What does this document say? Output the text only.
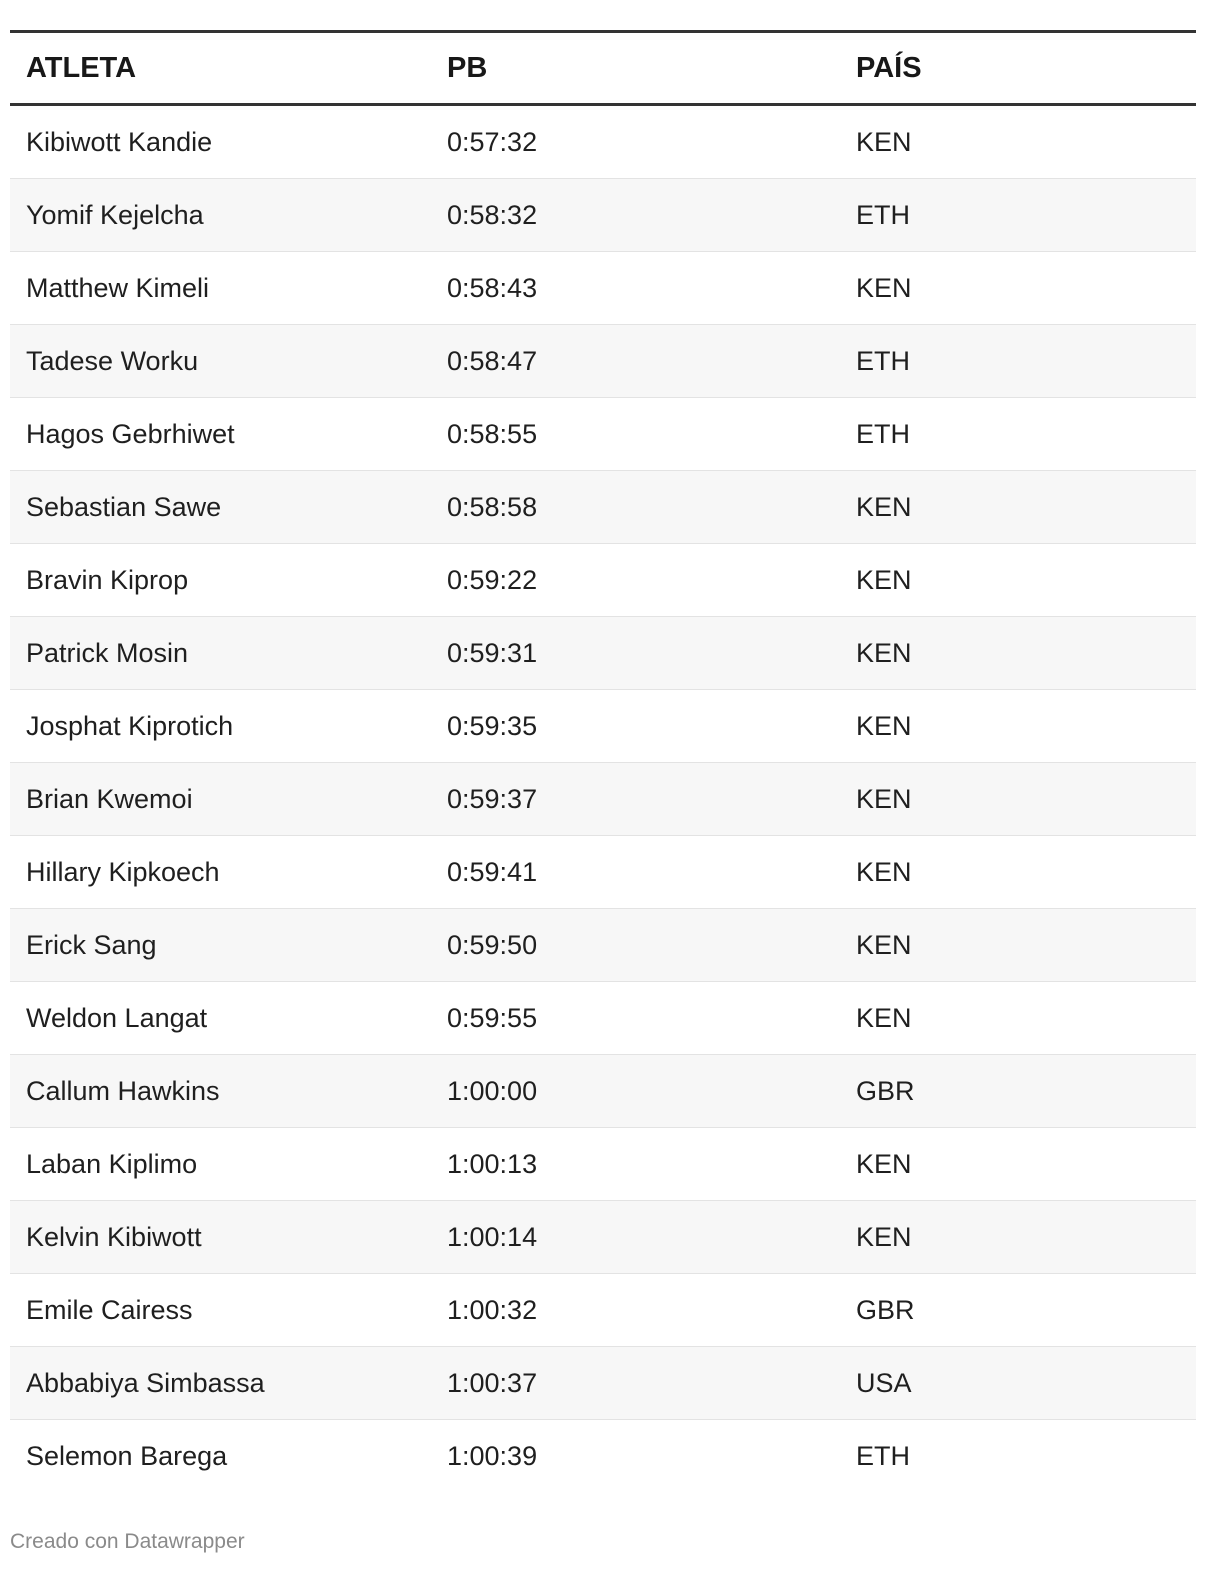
ATLETA	PB	PAÍS
Kibiwott Kandie	0:57:32	KEN
Yomif Kejelcha	0:58:32	ETH
Matthew Kimeli	0:58:43	KEN
Tadese Worku	0:58:47	ETH
Hagos Gebrhiwet	0:58:55	ETH
Sebastian Sawe	0:58:58	KEN
Bravin Kiprop	0:59:22	KEN
Patrick Mosin	0:59:31	KEN
Josphat Kiprotich	0:59:35	KEN
Brian Kwemoi	0:59:37	KEN
Hillary Kipkoech	0:59:41	KEN
Erick Sang	0:59:50	KEN
Weldon Langat	0:59:55	KEN
Callum Hawkins	1:00:00	GBR
Laban Kiplimo	1:00:13	KEN
Kelvin Kibiwott	1:00:14	KEN
Emile Cairess	1:00:32	GBR
Abbabiya Simbassa	1:00:37	USA
Selemon Barega	1:00:39	ETH
Creado con Datawrapper
